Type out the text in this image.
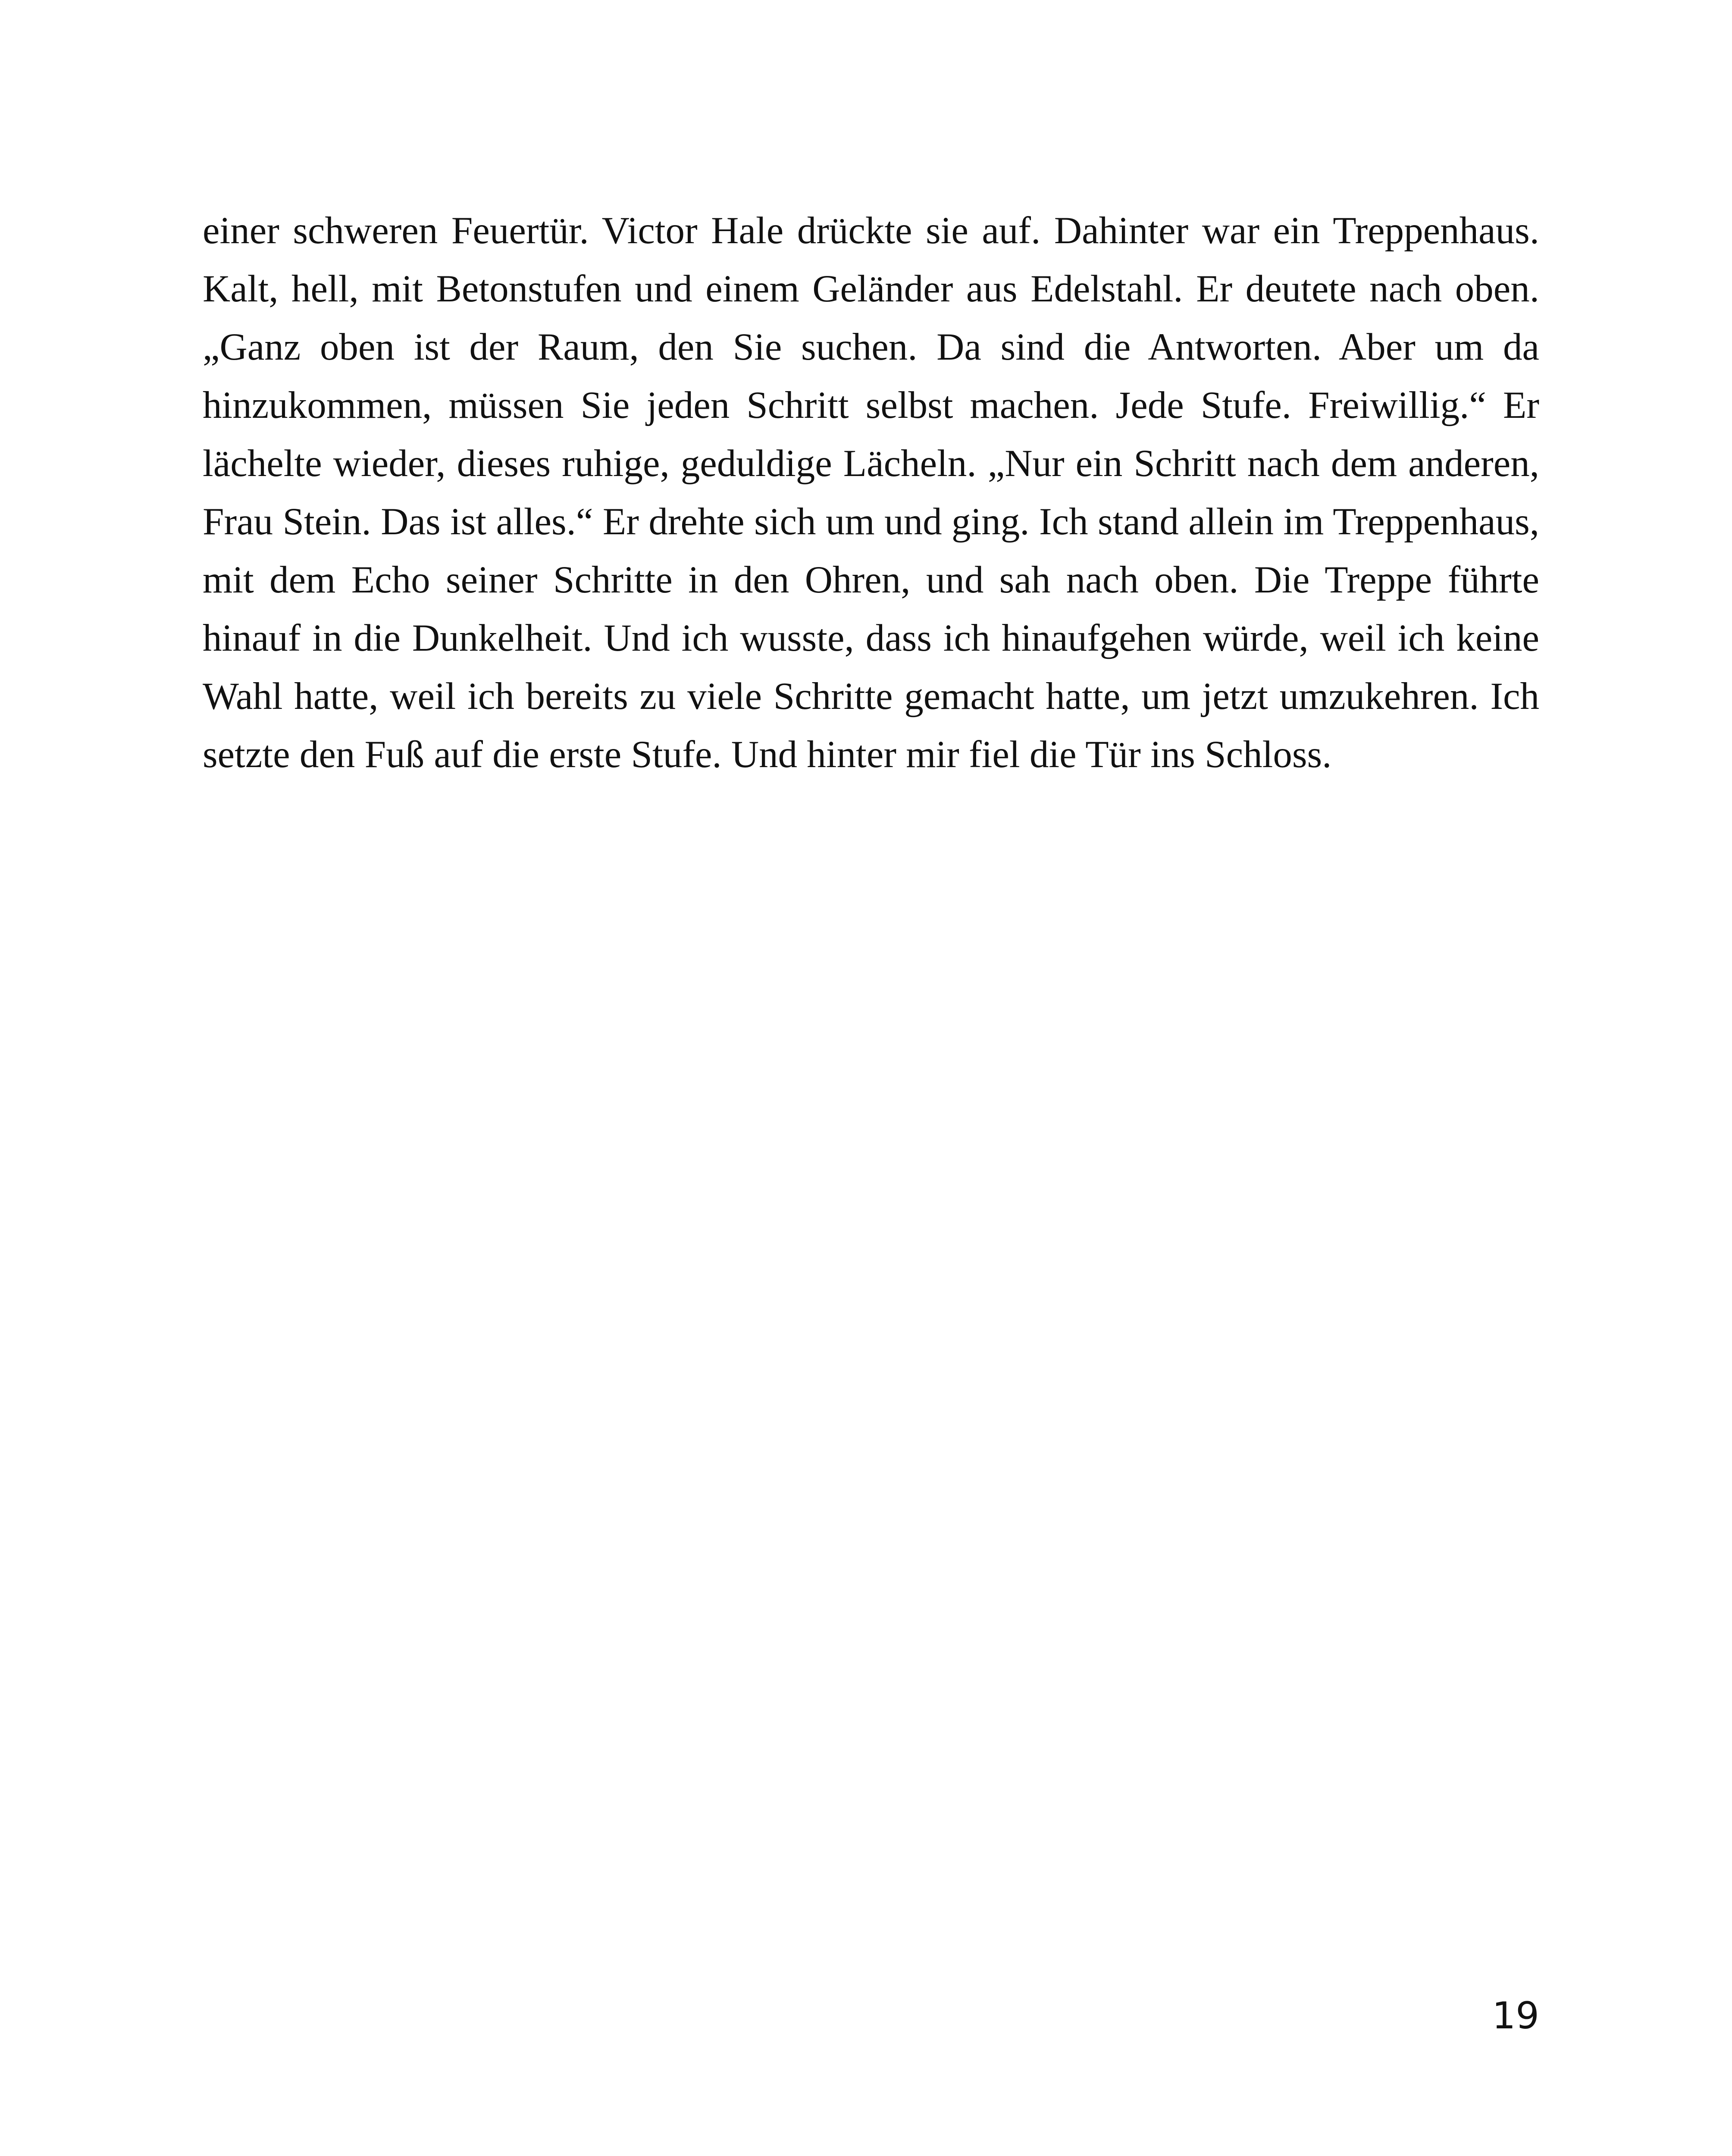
einer schweren Feuertür. Victor Hale drückte sie auf. Dahinter war ein Treppenhaus. Kalt, hell, mit Betonstufen und einem Geländer aus Edelstahl. Er deutete nach oben. „Ganz oben ist der Raum, den Sie suchen. Da sind die Antworten. Aber um da hinzukommen, müssen Sie jeden Schritt selbst machen. Jede Stufe. Freiwillig.“ Er lächelte wieder, dieses ruhige, geduldige Lächeln. „Nur ein Schritt nach dem anderen, Frau Stein. Das ist alles.“ Er drehte sich um und ging. Ich stand allein im Treppenhaus, mit dem Echo seiner Schritte in den Ohren, und sah nach oben. Die Treppe führte hinauf in die Dunkelheit. Und ich wusste, dass ich hinaufgehen würde, weil ich keine Wahl hatte, weil ich bereits zu viele Schritte gemacht hatte, um jetzt umzukehren. Ich setzte den Fuß auf die erste Stufe. Und hinter mir fiel die Tür ins Schloss.

19
